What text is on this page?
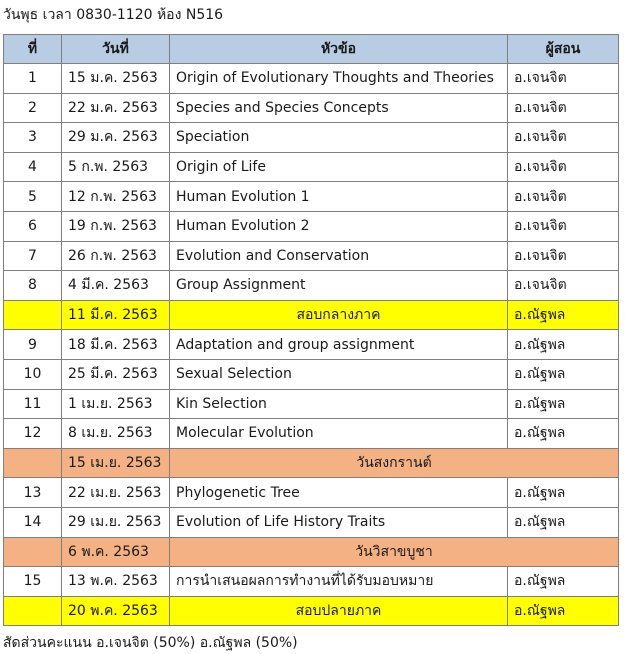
วันพุธ เวลา 0830-1120 ห้อง N516
ที่	วันที่	หัวข้อ	ผู้สอน
1	15 ม.ค. 2563	Origin of Evolutionary Thoughts and Theories	อ.เจนจิต
2	22 ม.ค. 2563	Species and Species Concepts	อ.เจนจิต
3	29 ม.ค. 2563	Speciation	อ.เจนจิต
4	5 ก.พ. 2563	Origin of Life	อ.เจนจิต
5	12 ก.พ. 2563	Human Evolution 1	อ.เจนจิต
6	19 ก.พ. 2563	Human Evolution 2	อ.เจนจิต
7	26 ก.พ. 2563	Evolution and Conservation	อ.เจนจิต
8	4 มี.ค. 2563	Group Assignment	อ.เจนจิต
	11 มี.ค. 2563	สอบกลางภาค	อ.ณัฐพล
9	18 มี.ค. 2563	Adaptation and group assignment	อ.ณัฐพล
10	25 มี.ค. 2563	Sexual Selection	อ.ณัฐพล
11	1 เม.ย. 2563	Kin Selection	อ.ณัฐพล
12	8 เม.ย. 2563	Molecular Evolution	อ.ณัฐพล
	15 เม.ย. 2563	วันสงกรานต์	
13	22 เม.ย. 2563	Phylogenetic Tree	อ.ณัฐพล
14	29 เม.ย. 2563	Evolution of Life History Traits	อ.ณัฐพล
	6 พ.ค. 2563	วันวิสาขบูชา	
15	13 พ.ค. 2563	การนำเสนอผลการทำงานที่ได้รับมอบหมาย	อ.ณัฐพล
	20 พ.ค. 2563	สอบปลายภาค	อ.ณัฐพล
สัดส่วนคะแนน อ.เจนจิต (50%) อ.ณัฐพล (50%)
